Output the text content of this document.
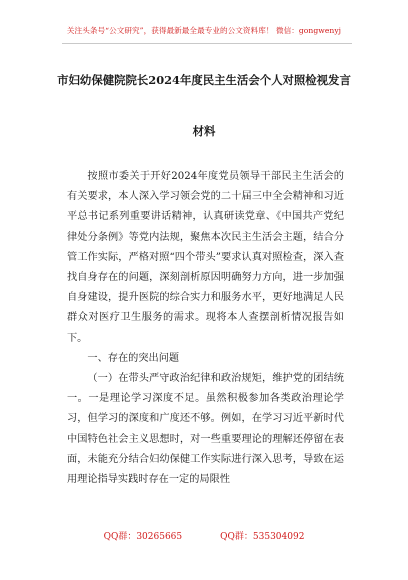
关注头条号“公文研究”，获得最新最全最专业的公文资料库！ 微信：gongwenyj
市妇幼保健院院长2024年度民主生活会个人对照检视发言
材料

按照市委关于开好2024年度党员领导干部民主生活会的有关要求，本人深入学习领会党的二十届三中全会精神和习近平总书记系列重要讲话精神，认真研读党章、《中国共产党纪律处分条例》等党内法规，聚焦本次民主生活会主题，结合分管工作实际，严格对照“四个带头”要求认真对照检查，深入查找自身存在的问题，深刻剖析原因明确努力方向，进一步加强自身建设，提升医院的综合实力和服务水平，更好地满足人民群众对医疗卫生服务的需求。现将本人查摆剖析情况报告如下。

一、存在的突出问题

（一）在带头严守政治纪律和政治规矩，维护党的团结统一。一是理论学习深度不足。虽然积极参加各类政治理论学习，但学习的深度和广度还不够。例如，在学习习近平新时代中国特色社会主义思想时，对一些重要理论的理解还停留在表面，未能充分结合妇幼保健工作实际进行深入思考，导致在运用理论指导实践时存在一定的局限性

QQ群：30265665	QQ群：535304092
